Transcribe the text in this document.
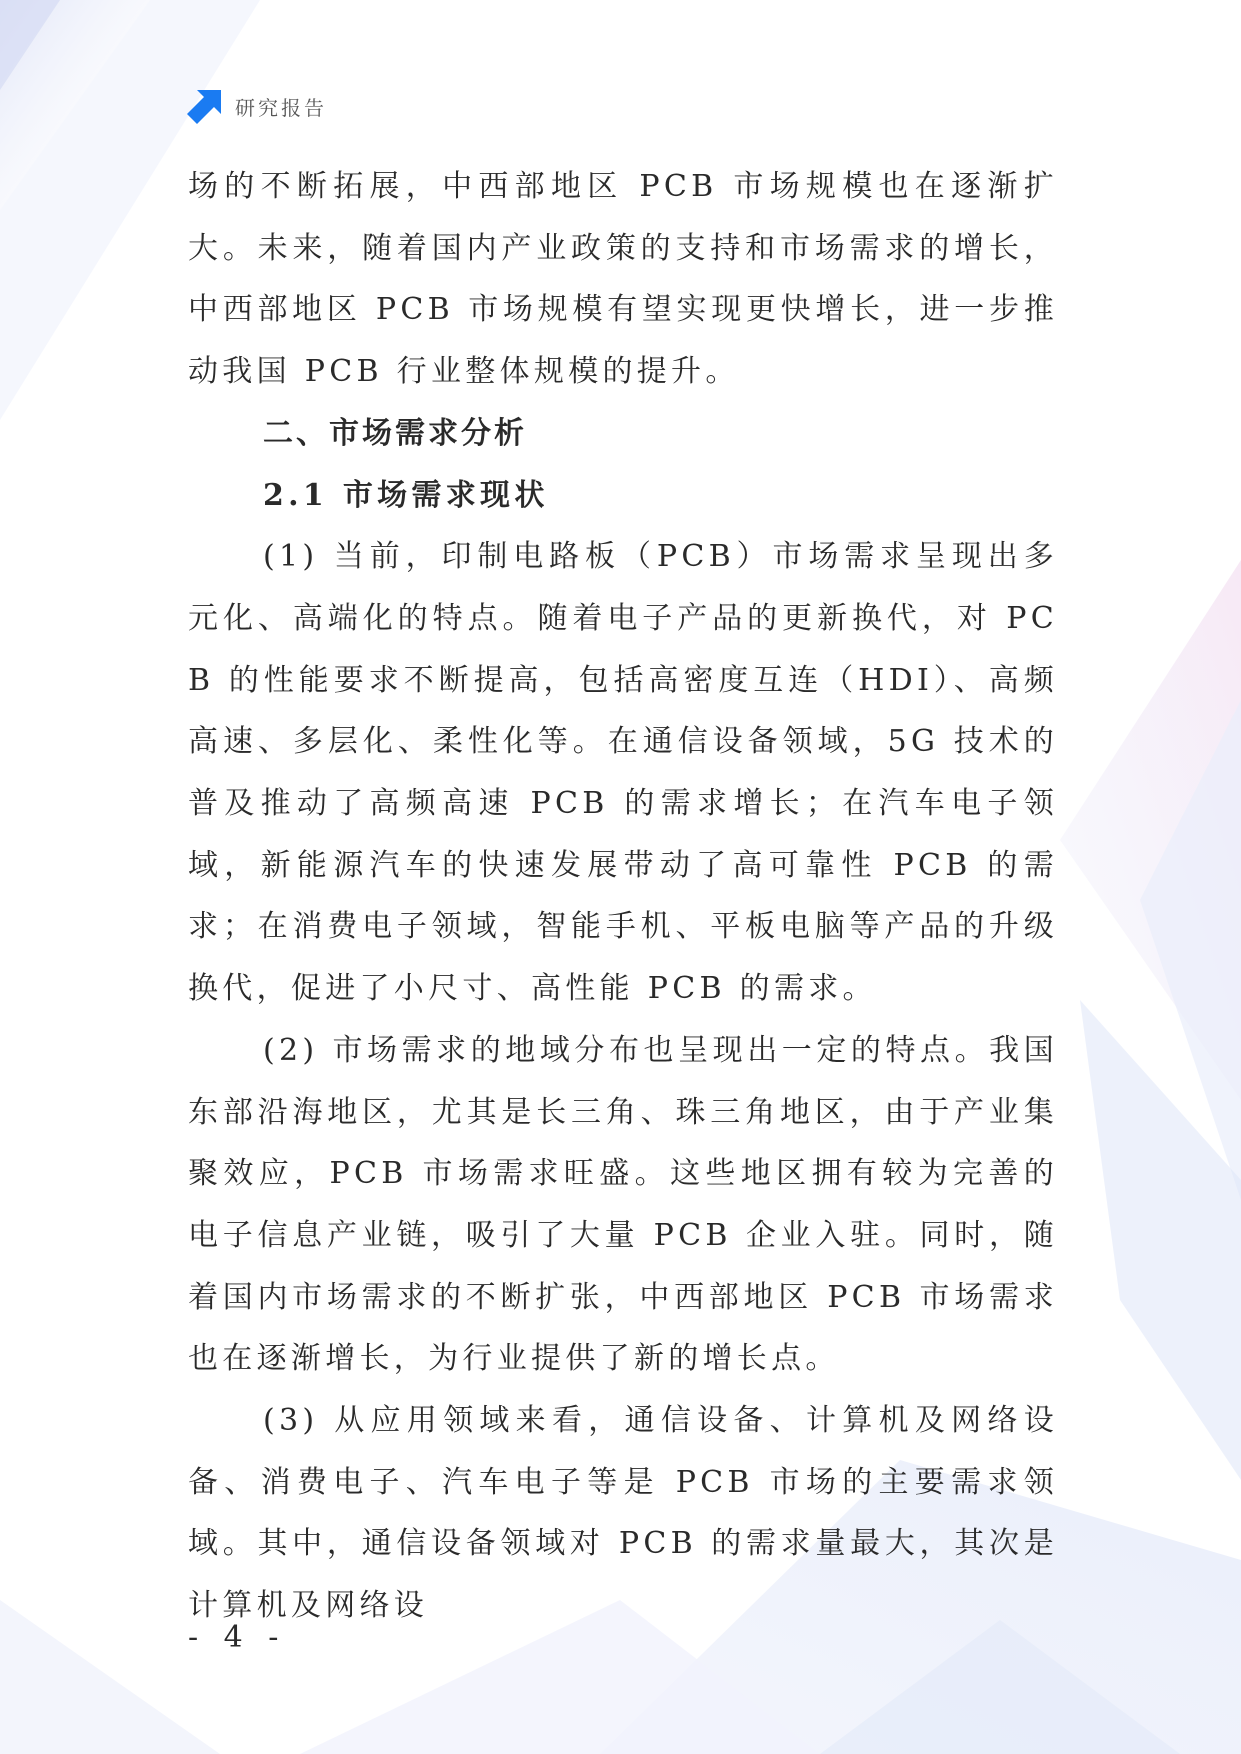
研究报告

场的不断拓展，中西部地区 PCB 市场规模也在逐渐扩大。未来，随着国内产业政策的支持和市场需求的增长，中西部地区 PCB 市场规模有望实现更快增长，进一步推动我国 PCB 行业整体规模的提升。

二、市场需求分析
2.1 市场需求现状

(1) 当前，印制电路板（PCB）市场需求呈现出多元化、高端化的特点。随着电子产品的更新换代，对 PCB 的性能要求不断提高，包括高密度互连（HDI）、高频高速、多层化、柔性化等。在通信设备领域，5G 技术的普及推动了高频高速 PCB 的需求增长；在汽车电子领域，新能源汽车的快速发展带动了高可靠性 PCB 的需求；在消费电子领域，智能手机、平板电脑等产品的升级换代，促进了小尺寸、高性能 PCB 的需求。

(2) 市场需求的地域分布也呈现出一定的特点。我国东部沿海地区，尤其是长三角、珠三角地区，由于产业集聚效应，PCB 市场需求旺盛。这些地区拥有较为完善的电子信息产业链，吸引了大量 PCB 企业入驻。同时，随着国内市场需求的不断扩张，中西部地区 PCB 市场需求也在逐渐增长，为行业提供了新的增长点。

(3) 从应用领域来看，通信设备、计算机及网络设备、消费电子、汽车电子等是 PCB 市场的主要需求领域。其中，通信设备领域对 PCB 的需求量最大，其次是计算机及网络设

- 4 -
